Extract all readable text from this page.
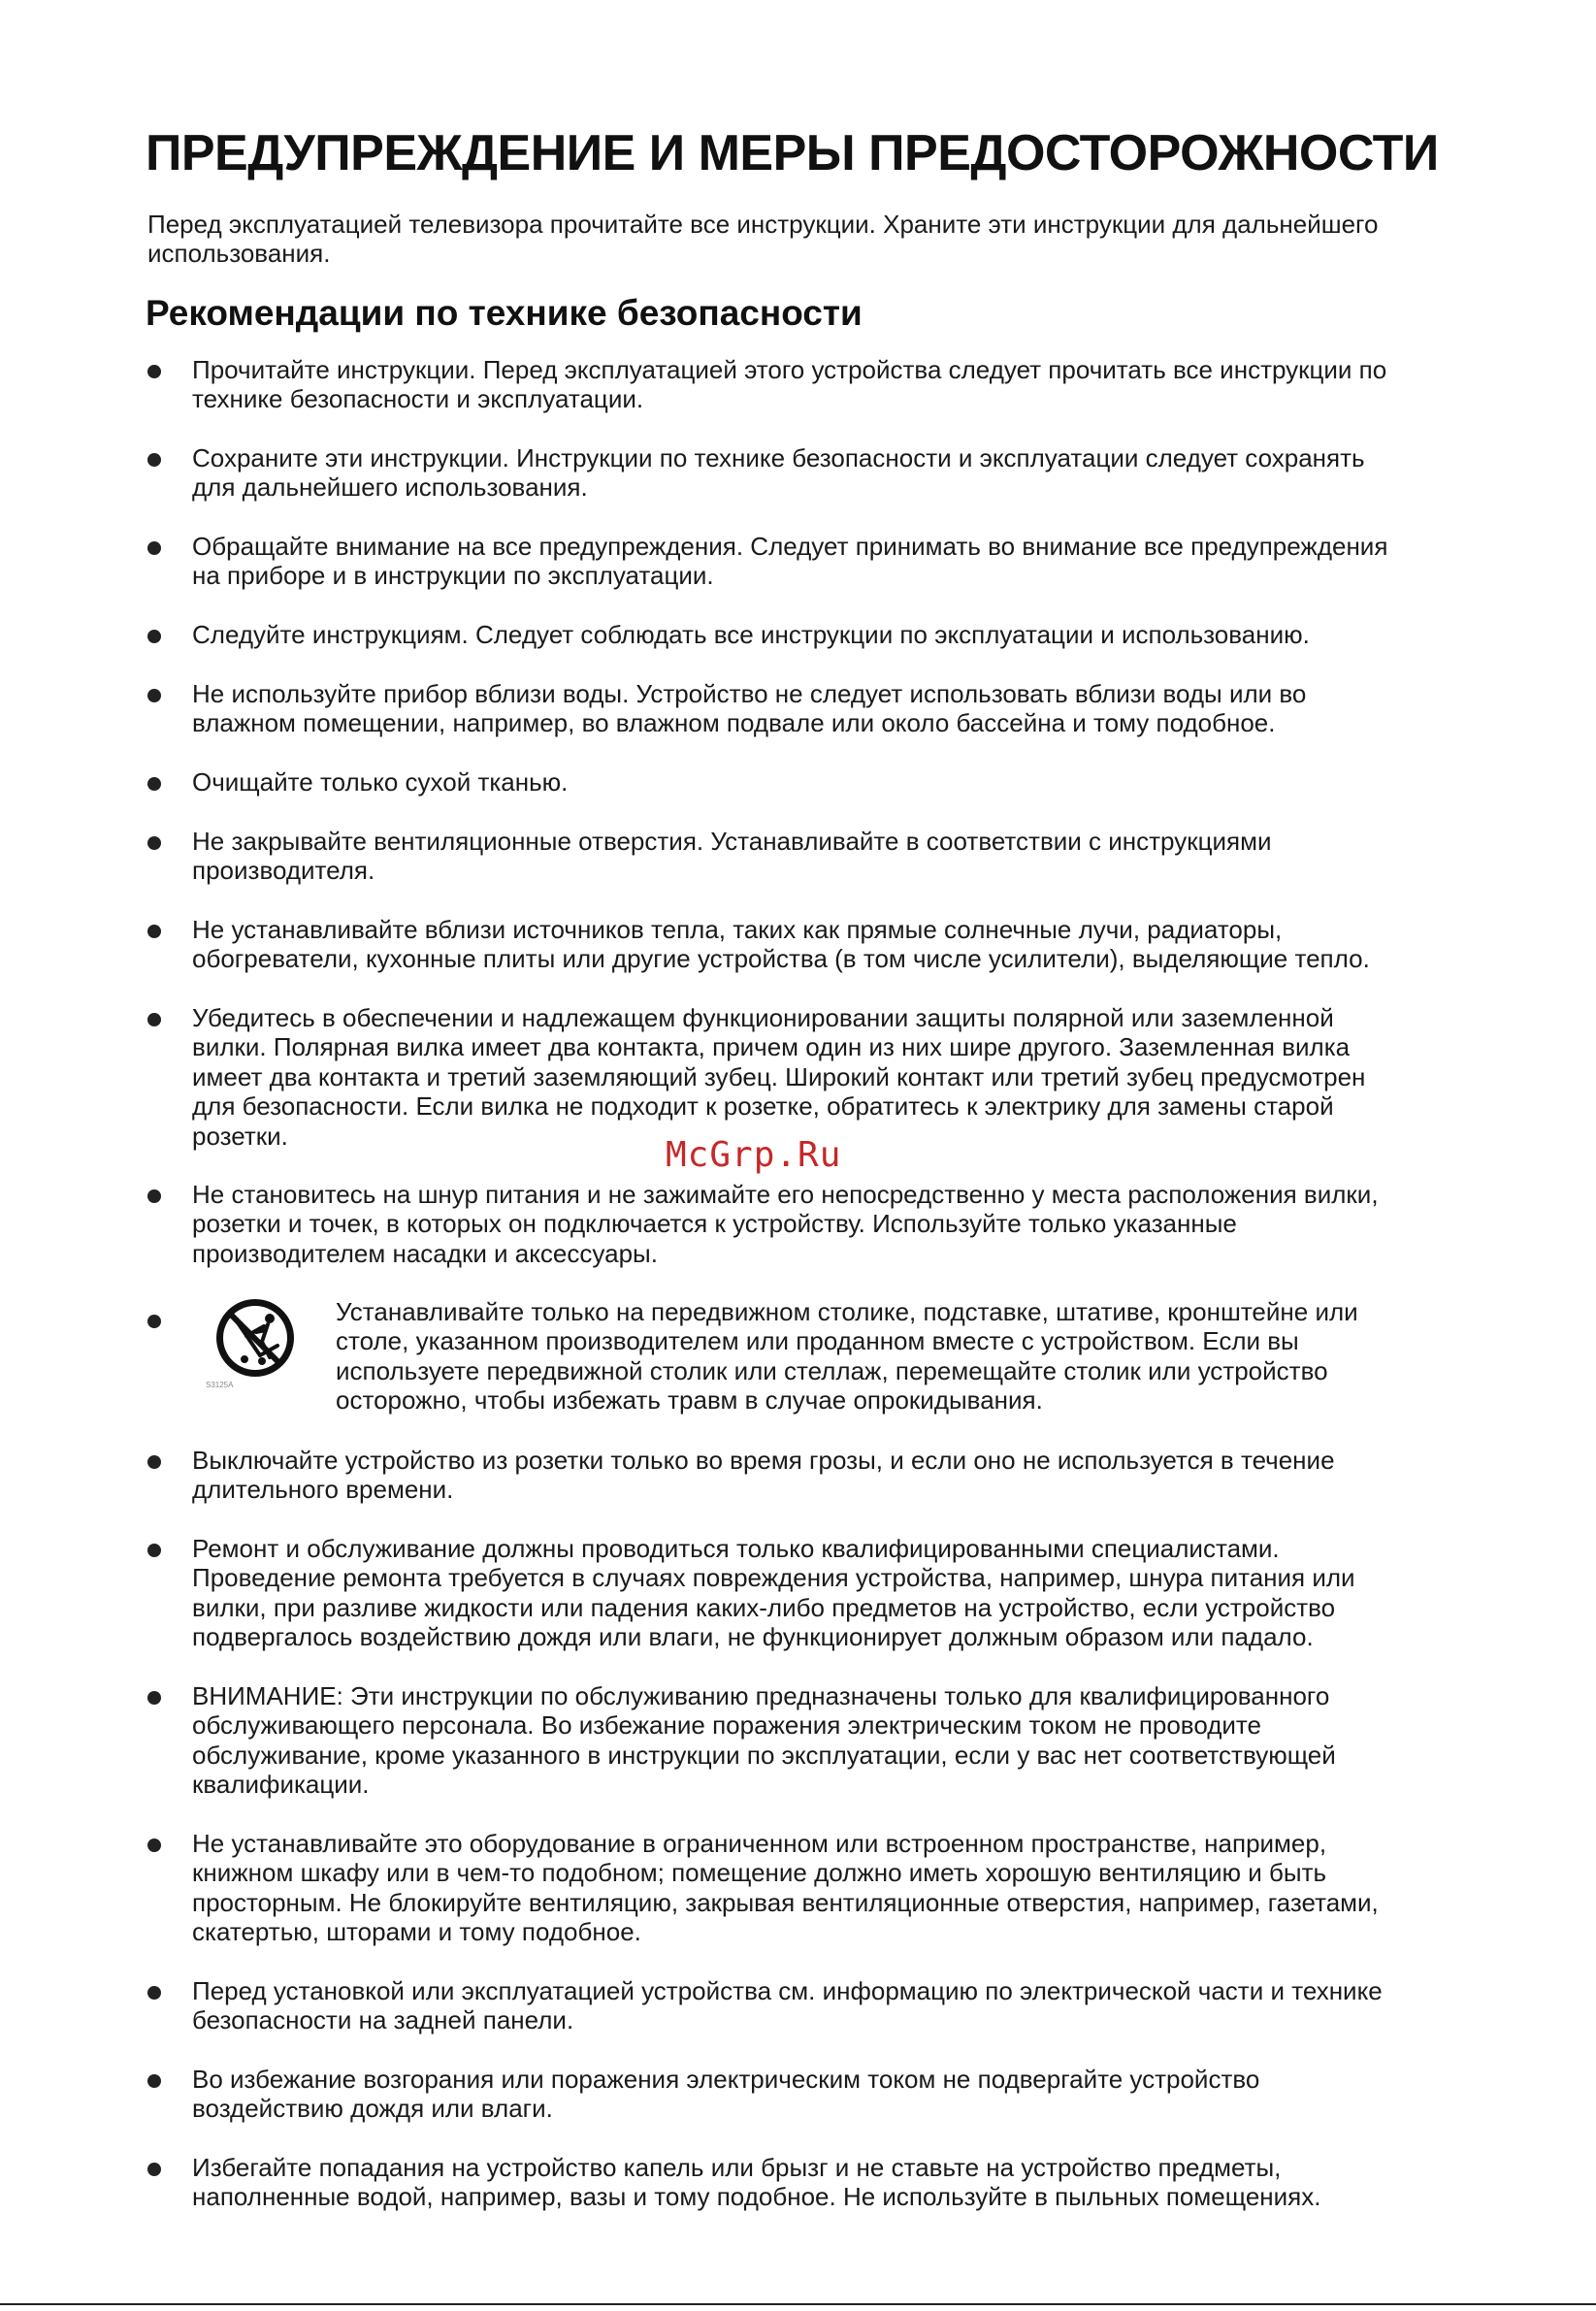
ПРЕДУПРЕЖДЕНИЕ И МЕРЫ ПРЕДОСТОРОЖНОСТИ
Перед эксплуатацией телевизора прочитайте все инструкции. Храните эти инструкции для дальнейшего
использования.
Рекомендации по технике безопасности
Прочитайте инструкции. Перед эксплуатацией этого устройства следует прочитать все инструкции по
технике безопасности и эксплуатации.
Сохраните эти инструкции. Инструкции по технике безопасности и эксплуатации следует сохранять
для дальнейшего использования.
Обращайте внимание на все предупреждения. Следует принимать во внимание все предупреждения
на приборе и в инструкции по эксплуатации.
Следуйте инструкциям. Следует соблюдать все инструкции по эксплуатации и использованию.
Не используйте прибор вблизи воды. Устройство не следует использовать вблизи воды или во
влажном помещении, например, во влажном подвале или около бассейна и тому подобное.
Очищайте только сухой тканью.
Не закрывайте вентиляционные отверстия. Устанавливайте в соответствии с инструкциями
производителя.
Не устанавливайте вблизи источников тепла, таких как прямые солнечные лучи, радиаторы,
обогреватели, кухонные плиты или другие устройства (в том числе усилители), выделяющие тепло.
Убедитесь в обеспечении и надлежащем функционировании защиты полярной или заземленной
вилки. Полярная вилка имеет два контакта, причем один из них шире другого. Заземленная вилка
имеет два контакта и третий заземляющий зубец. Широкий контакт или третий зубец предусмотрен
для безопасности. Если вилка не подходит к розетке, обратитесь к электрику для замены старой
розетки.	McGrp.Ru
Не становитесь на шнур питания и не зажимайте его непосредственно у места расположения вилки,
розетки и точек, в которых он подключается к устройству. Используйте только указанные
производителем насадки и аксессуары.
S3125A
Устанавливайте только на передвижном столике, подставке, штативе, кронштейне или
столе, указанном производителем или проданном вместе с устройством. Если вы
используете передвижной столик или стеллаж, перемещайте столик или устройство
осторожно, чтобы избежать травм в случае опрокидывания.
Выключайте устройство из розетки только во время грозы, и если оно не используется в течение
длительного времени.
Ремонт и обслуживание должны проводиться только квалифицированными специалистами.
Проведение ремонта требуется в случаях повреждения устройства, например, шнура питания или
вилки, при разливе жидкости или падения каких-либо предметов на устройство, если устройство
подвергалось воздействию дождя или влаги, не функционирует должным образом или падало.
ВНИМАНИЕ: Эти инструкции по обслуживанию предназначены только для квалифицированного
обслуживающего персонала. Во избежание поражения электрическим током не проводите
обслуживание, кроме указанного в инструкции по эксплуатации, если у вас нет соответствующей
квалификации.
Не устанавливайте это оборудование в ограниченном или встроенном пространстве, например,
книжном шкафу или в чем-то подобном; помещение должно иметь хорошую вентиляцию и быть
просторным. Не блокируйте вентиляцию, закрывая вентиляционные отверстия, например, газетами,
скатертью, шторами и тому подобное.
Перед установкой или эксплуатацией устройства см. информацию по электрической части и технике
безопасности на задней панели.
Во избежание возгорания или поражения электрическим током не подвергайте устройство
воздействию дождя или влаги.
Избегайте попадания на устройство капель или брызг и не ставьте на устройство предметы,
наполненные водой, например, вазы и тому подобное. Не используйте в пыльных помещениях.
